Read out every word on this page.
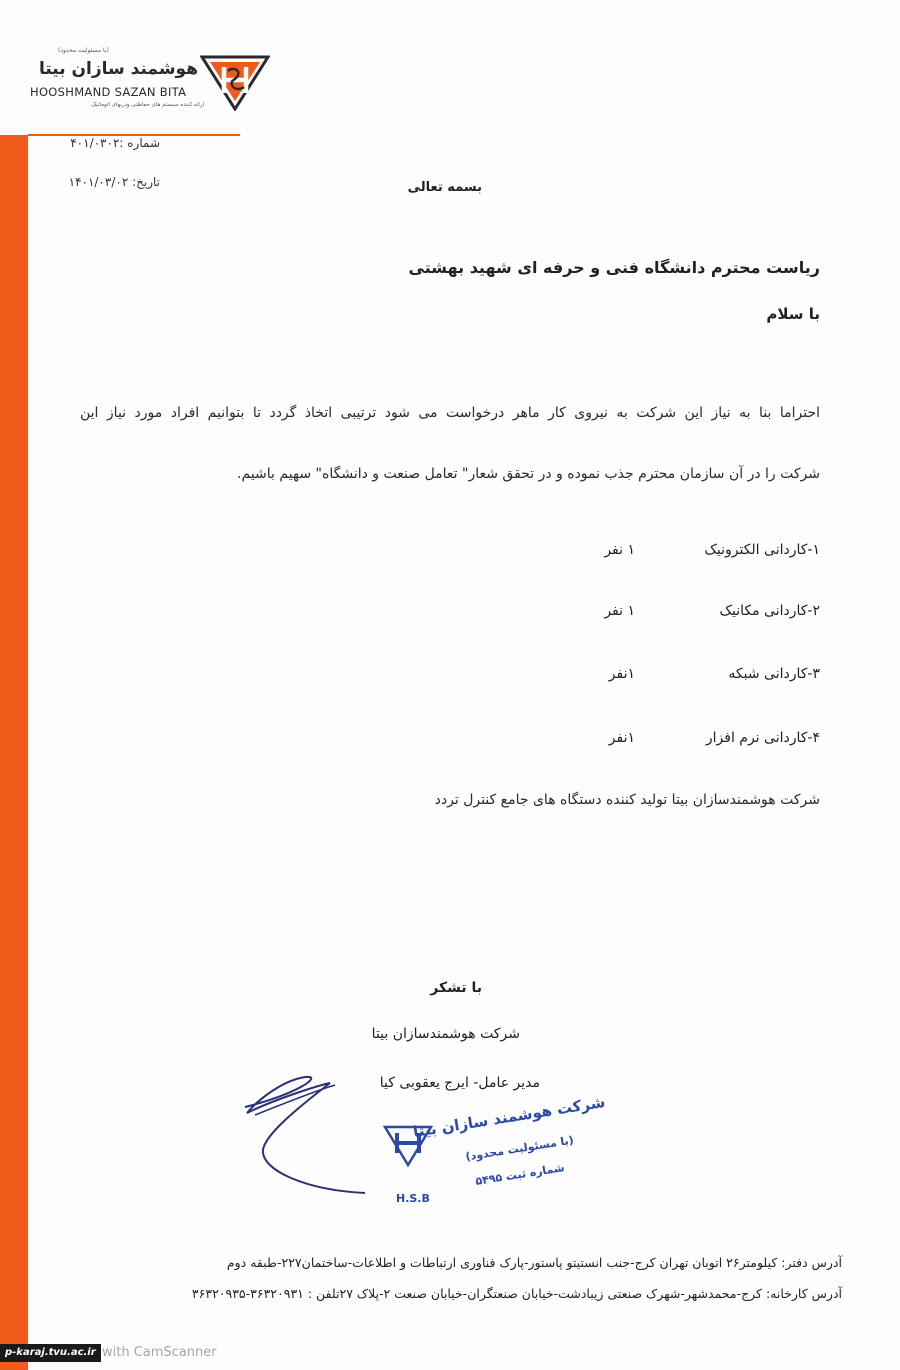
(با مسئولیت محدود)
هوشمند سازان بیتا
HOOSHMAND SAZAN BITA
ارائه کننده سیستم های حفاظتی ودربهای اتوماتیک
شماره :۴۰۱/۰۳۰۲
تاریخ: ۱۴۰۱/۰۳/۰۲	بسمه تعالی
ریاست محترم دانشگاه فنی و حرفه ای شهید بهشتی
با سلام
احتراما بنا به نیاز این شرکت به نیروی کار ماهر درخواست می شود ترتیبی اتخاذ گردد تا بتوانیم افراد مورد نیاز این
شرکت را در آن سازمان محترم جذب نموده و در تحقق شعار" تعامل صنعت و دانشگاه" سهیم باشیم.
۱-کاردانی الکترونیک
۱ نفر
۲-کاردانی مکانیک
۱ نفر
۳-کاردانی شبکه
۱نفر
۴-کاردانی نرم افزار
۱نفر
شرکت هوشمندسازان بیتا تولید کننده دستگاه های جامع کنترل تردد
با تشکر
شرکت هوشمندسازان بیتا
مدیر عامل- ایرج یعقوبی کیا
شرکت هوشمند سازان بیتا
(با مسئولیت محدود)
شماره ثبت ۵۴۹۵
H.S.B
آدرس دفتر: کیلومتر۲۶ اتوبان تهران کرج-جنب انستیتو پاستور-پارک فناوری ارتباطات و اطلاعات-ساختمان۲۲۷-طبقه دوم
آدرس کارخانه: کرج-محمدشهر-شهرک صنعتی زیبادشت-خیابان صنعتگران-خیابان صنعت ۲-پلاک ۲۷تلفن : ۳۶۳۲۰۹۳۱-۳۶۳۲۰۹۳۵
p-karaj.tvu.ac.ir with CamScanner
